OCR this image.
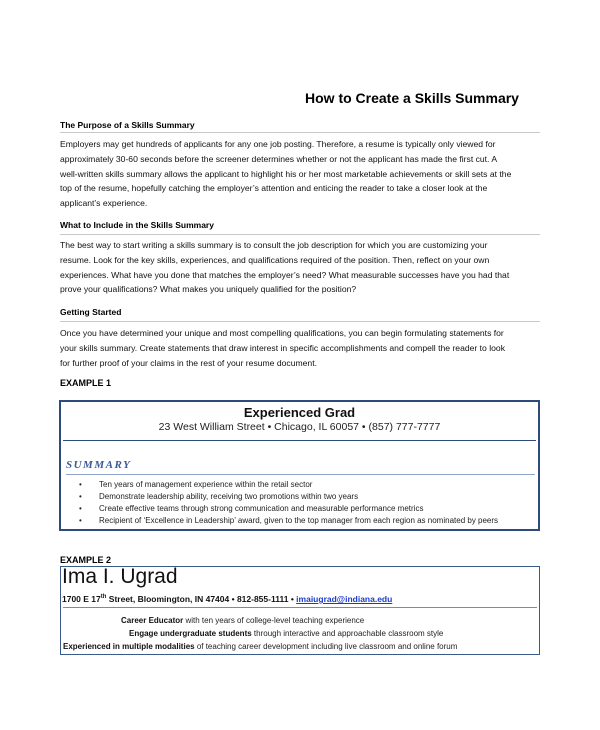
How to Create a Skills Summary
The Purpose of a Skills Summary
Employers may get hundreds of applicants for any one job posting. Therefore, a resume is typically only viewed for
approximately 30-60 seconds before the screener determines whether or not the applicant has made the first cut. A
well-written skills summary allows the applicant to highlight his or her most marketable achievements or skill sets at the
top of the resume, hopefully catching the employer’s attention and enticing the reader to take a closer look at the
applicant’s experience.
What to Include in the Skills Summary
The best way to start writing a skills summary is to consult the job description for which you are customizing your
resume. Look for the key skills, experiences, and qualifications required of the position. Then, reflect on your own
experiences. What have you done that matches the employer’s need? What measurable successes have you had that
prove your qualifications? What makes you uniquely qualified for the position?
Getting Started
Once you have determined your unique and most compelling qualifications, you can begin formulating statements for
your skills summary. Create statements that draw interest in specific accomplishments and compell the reader to look
for further proof of your claims in the rest of your resume document.
EXAMPLE 1
Experienced Grad
23 West William Street • Chicago, IL 60057 • (857) 777-7777
SUMMARY
• Ten years of management experience within the retail sector
• Demonstrate leadership ability, receiving two promotions within two years
• Create effective teams through strong communication and measurable performance metrics
• Recipient of ‘Excellence in Leadership’ award, given to the top manager from each region as nominated by peers
EXAMPLE 2
Ima I. Ugrad
1700 E 17th Street, Bloomington, IN 47404 • 812-855-1111 • imaiugrad@indiana.edu
Career Educator with ten years of college-level teaching experience
Engage undergraduate students through interactive and approachable classroom style
Experienced in multiple modalities of teaching career development including live classroom and online forum
